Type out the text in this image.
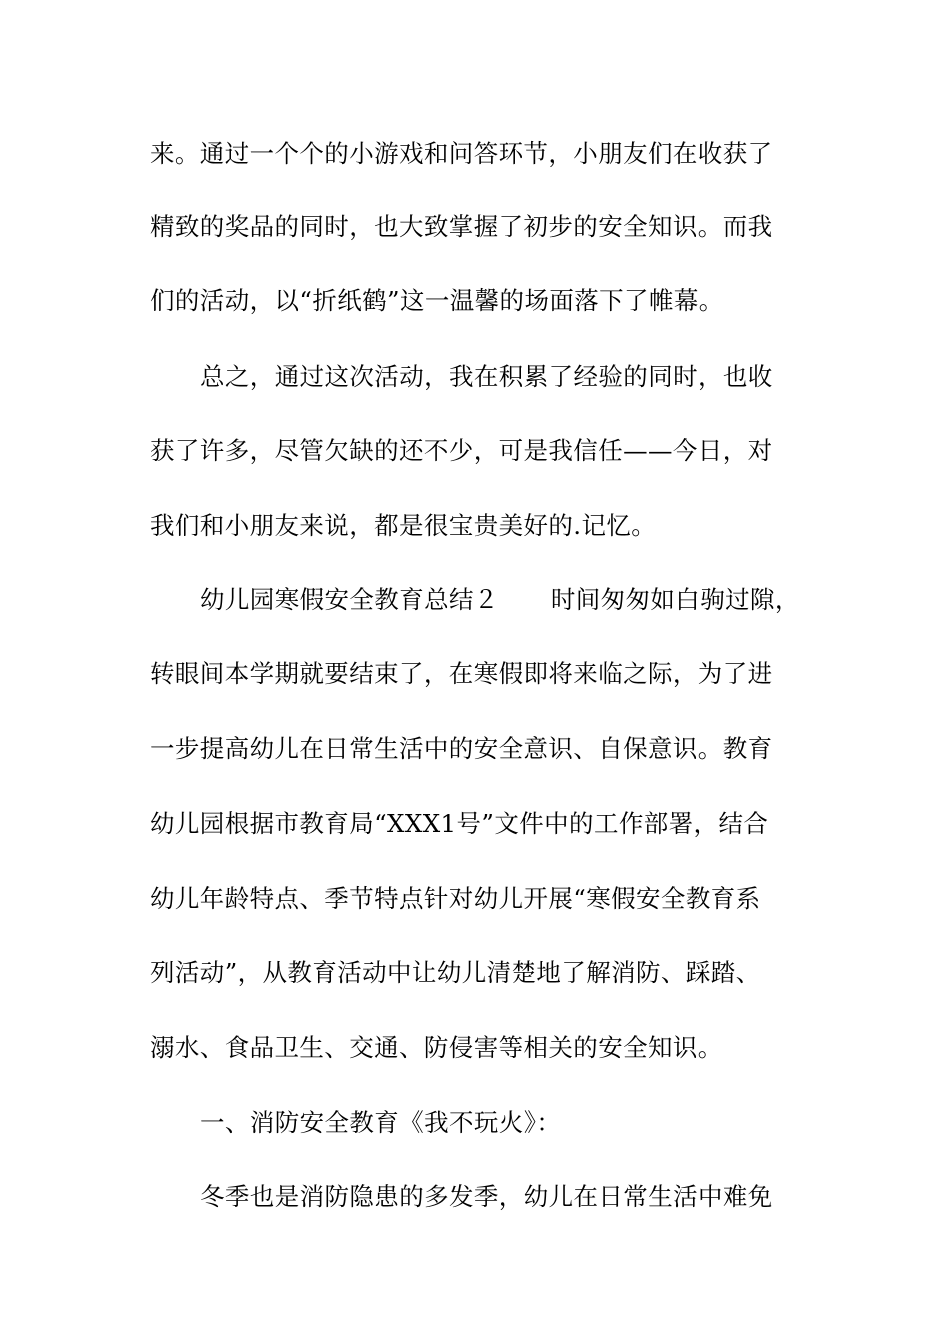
来。通过一个个的小游戏和问答环节，小朋友们在收获了
精致的奖品的同时，也大致掌握了初步的安全知识。而我
们的活动，以“折纸鹤”这一温馨的场面落下了帷幕。
总之，通过这次活动，我在积累了经验的同时，也收
获了许多，尽管欠缺的还不少，可是我信任——今日，对
我们和小朋友来说，都是很宝贵美好的.记忆。
幼儿园寒假安全教育总结２ 时间匆匆如白驹过隙，
转眼间本学期就要结束了，在寒假即将来临之际，为了进
一步提高幼儿在日常生活中的安全意识、自保意识。教育
幼儿园根据市教育局“XXX1号”文件中的工作部署，结合
幼儿年龄特点、季节特点针对幼儿开展“寒假安全教育系
列活动”，从教育活动中让幼儿清楚地了解消防、踩踏、
溺水、食品卫生、交通、防侵害等相关的安全知识。
一、消防安全教育《我不玩火》：
冬季也是消防隐患的多发季，幼儿在日常生活中难免
